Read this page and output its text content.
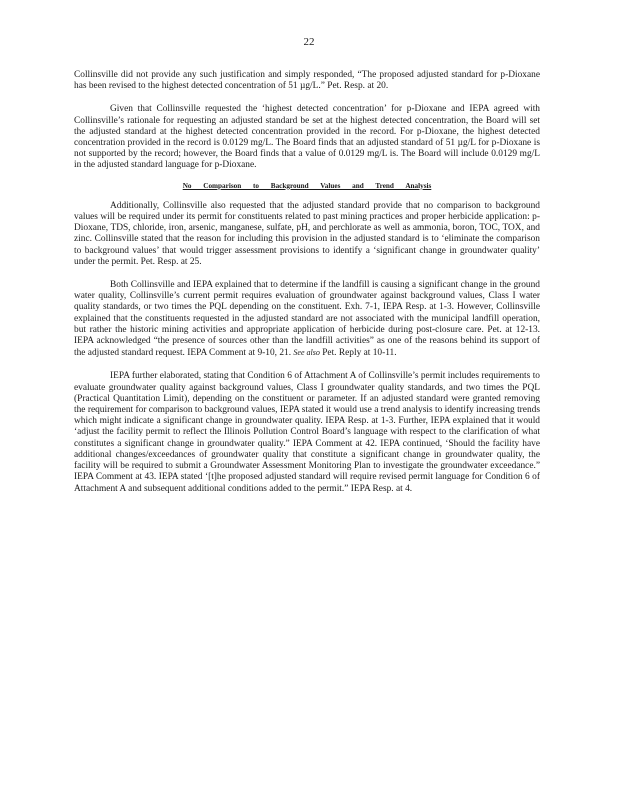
22

Collinsville did not provide any such justification and simply responded, “The proposed adjusted standard for p-Dioxane has been revised to the highest detected concentration of 51 µg/L.” Pet. Resp. at 20.

Given that Collinsville requested the ‘highest detected concentration’ for p-Dioxane and IEPA agreed with Collinsville’s rationale for requesting an adjusted standard be set at the highest detected concentration, the Board will set the adjusted standard at the highest detected concentration provided in the record. For p-Dioxane, the highest detected concentration provided in the record is 0.0129 mg/L. The Board finds that an adjusted standard of 51 µg/L for p-Dioxane is not supported by the record; however, the Board finds that a value of 0.0129 mg/L is. The Board will include 0.0129 mg/L in the adjusted standard language for p-Dioxane.

No Comparison to Background Values and Trend Analysis

Additionally, Collinsville also requested that the adjusted standard provide that no comparison to background values will be required under its permit for constituents related to past mining practices and proper herbicide application: p-Dioxane, TDS, chloride, iron, arsenic, manganese, sulfate, pH, and perchlorate as well as ammonia, boron, TOC, TOX, and zinc. Collinsville stated that the reason for including this provision in the adjusted standard is to ‘eliminate the comparison to background values’ that would trigger assessment provisions to identify a ‘significant change in groundwater quality’ under the permit. Pet. Resp. at 25.

Both Collinsville and IEPA explained that to determine if the landfill is causing a significant change in the ground water quality, Collinsville’s current permit requires evaluation of groundwater against background values, Class I water quality standards, or two times the PQL depending on the constituent. Exh. 7-1, IEPA Resp. at 1-3. However, Collinsville explained that the constituents requested in the adjusted standard are not associated with the municipal landfill operation, but rather the historic mining activities and appropriate application of herbicide during post-closure care. Pet. at 12-13. IEPA acknowledged “the presence of sources other than the landfill activities” as one of the reasons behind its support of the adjusted standard request. IEPA Comment at 9-10, 21. See also Pet. Reply at 10-11.

IEPA further elaborated, stating that Condition 6 of Attachment A of Collinsville’s permit includes requirements to evaluate groundwater quality against background values, Class I groundwater quality standards, and two times the PQL (Practical Quantitation Limit), depending on the constituent or parameter. If an adjusted standard were granted removing the requirement for comparison to background values, IEPA stated it would use a trend analysis to identify increasing trends which might indicate a significant change in groundwater quality. IEPA Resp. at 1-3. Further, IEPA explained that it would ‘adjust the facility permit to reflect the Illinois Pollution Control Board’s language with respect to the clarification of what constitutes a significant change in groundwater quality.” IEPA Comment at 42. IEPA continued, ‘Should the facility have additional changes/exceedances of groundwater quality that constitute a significant change in groundwater quality, the facility will be required to submit a Groundwater Assessment Monitoring Plan to investigate the groundwater exceedance.” IEPA Comment at 43. IEPA stated ‘[t]he proposed adjusted standard will require revised permit language for Condition 6 of Attachment A and subsequent additional conditions added to the permit.” IEPA Resp. at 4.
